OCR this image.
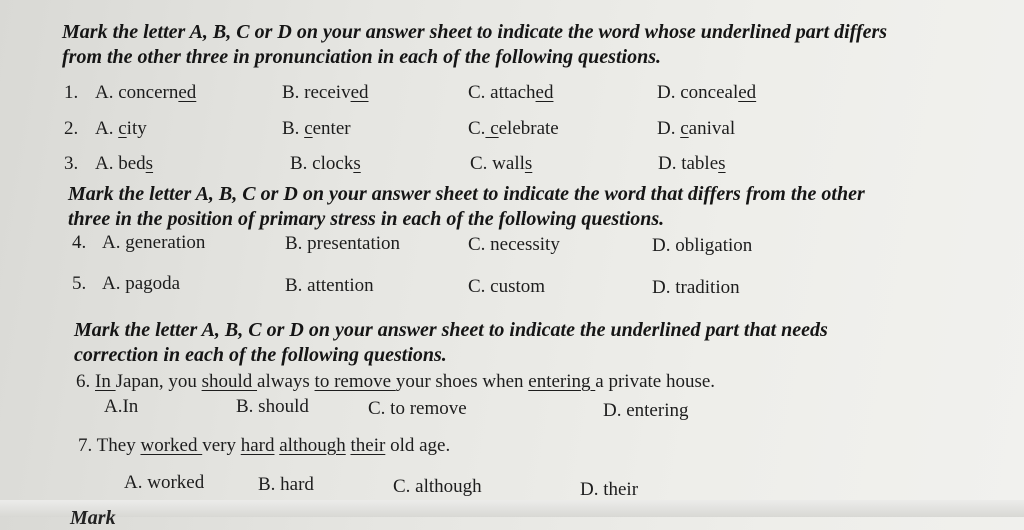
Mark the letter A, B, C or D on your answer sheet to indicate the word whose underlined part differs
from the other three in pronunciation in each of the following questions.
1. A. concerned	B. received	C. attached	D. concealed
2. A. city	B. center	C. celebrate	D. canival
3. A. beds	B. clocks	C. walls	D. tables
Mark the letter A, B, C or D on your answer sheet to indicate the word that differs from the other
three in the position of primary stress in each of the following questions.
4. A. generation	B. presentation	C. necessity	D. obligation
5. A. pagoda	B. attention	C. custom	D. tradition
Mark the letter A, B, C or D on your answer sheet to indicate the underlined part that needs
correction in each of the following questions.
6. In Japan, you should always to remove your shoes when entering a private house.
A.In	B. should	C. to remove	D. entering
7. They worked very hard although their old age.
A. worked	B. hard	C. although	D. their
Mark
